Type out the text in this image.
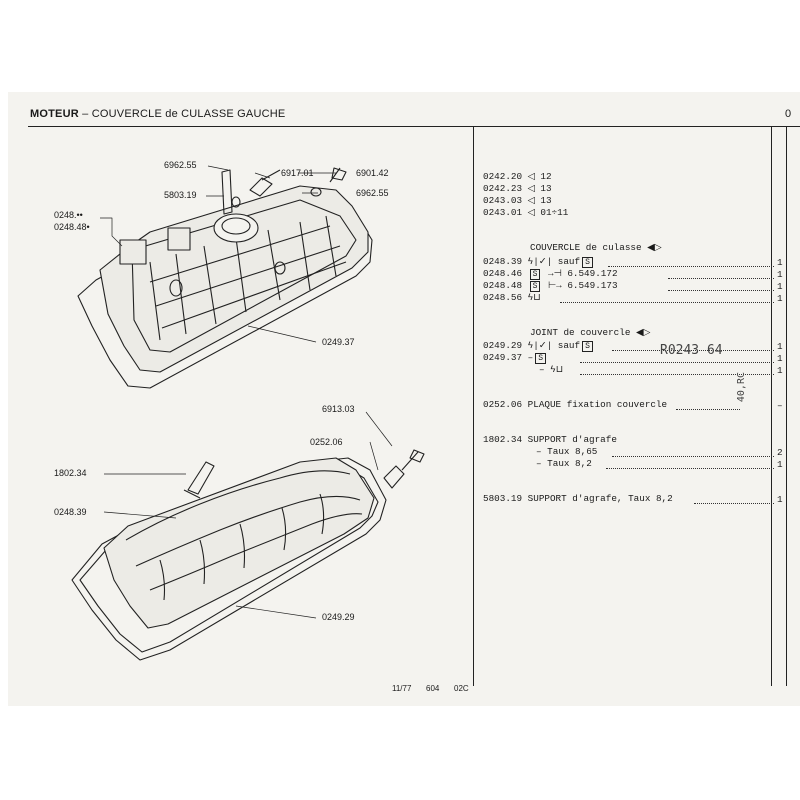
MOTEUR – COUVERCLE de CULASSE GAUCHE	0
6962.55
5803.19
6917.01	6901.42
6962.55
0248.••
0248.48•
0249.37
6913.03
0252.06
1802.34
0248.39
0249.29
0242.20 ◁ 12
0242.23 ◁ 13
0243.03 ◁ 13
0243.01 ◁ 01÷11
COUVERCLE de culasse ◀▷
0248.39 ϟ|✓| sauf S	1
0248.46 S →⊣ 6.549.172	1
0248.48 S ⊢→ 6.549.173	1
0248.56 ϟ⊔	1
JOINT de couvercle ◀▷
0249.29 ϟ|✓| sauf S	1
0249.37 – S	1
– ϟ⊔	1
R0243 64
40,RC
0252.06 PLAQUE fixation couvercle	–
1802.34 SUPPORT d'agrafe
– Taux 8,65	2
– Taux 8,2	1
5803.19 SUPPORT d'agrafe, Taux 8,2	1
11/77 604 02C
